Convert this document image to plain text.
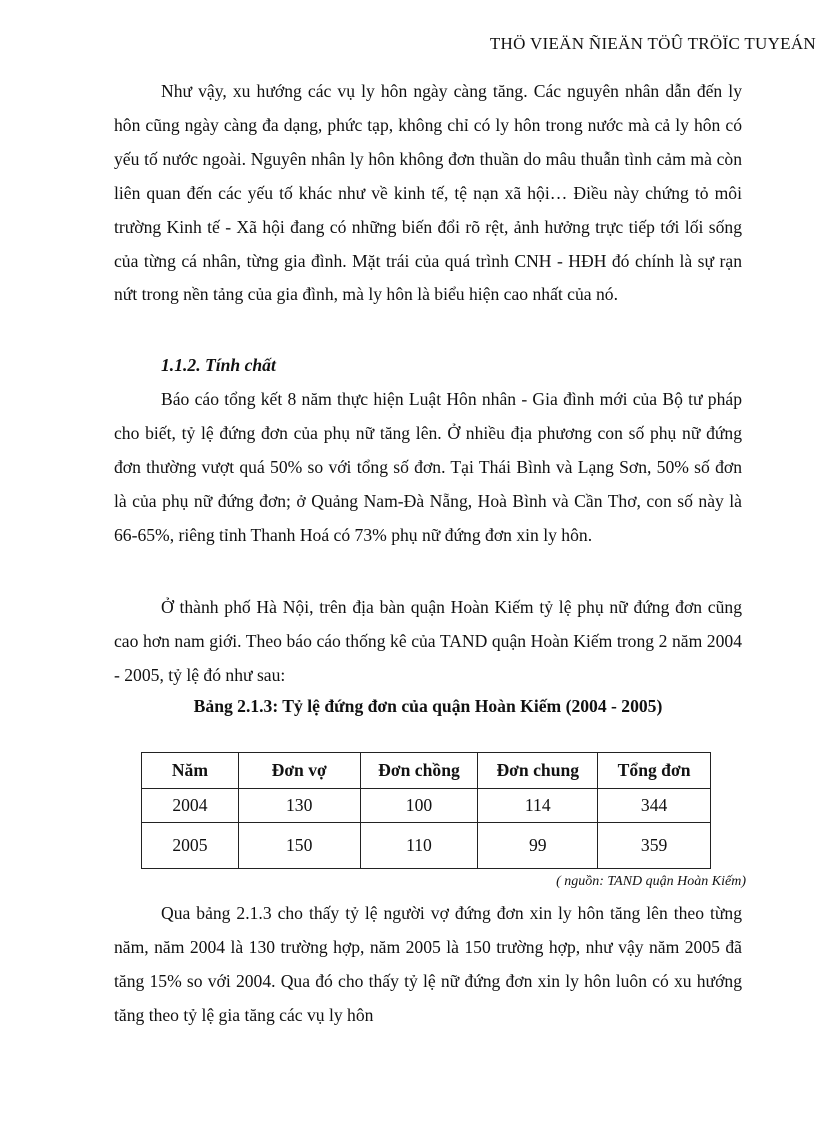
THÖ VIEÄN ÑIEÄN TÖÛ TRÖÏC TUYEÁN

Như vậy, xu hướng các vụ ly hôn ngày càng tăng. Các nguyên nhân dẫn đến ly hôn cũng ngày càng đa dạng, phức tạp, không chỉ có ly hôn trong nước mà cả ly hôn có yếu tố nước ngoài. Nguyên nhân ly hôn không đơn thuần do mâu thuẫn tình cảm mà còn liên quan đến các yếu tố khác như về kinh tế, tệ nạn xã hội… Điều này chứng tỏ môi trường Kinh tế - Xã hội đang có những biến đổi rõ rệt, ảnh hưởng trực tiếp tới lối sống của từng cá nhân, từng gia đình. Mặt trái của quá trình CNH - HĐH đó chính là sự rạn nứt trong nền tảng của gia đình, mà ly hôn là biểu hiện cao nhất của nó.

1.1.2. Tính chất

Báo cáo tổng kết 8 năm thực hiện Luật Hôn nhân - Gia đình mới của Bộ tư pháp cho biết, tỷ lệ đứng đơn của phụ nữ tăng lên. Ở nhiều địa phương con số phụ nữ đứng đơn thường vượt quá 50% so với tổng số đơn. Tại Thái Bình và Lạng Sơn, 50% số đơn là của phụ nữ đứng đơn; ở Quảng Nam-Đà Nẵng, Hoà Bình và Cần Thơ, con số này là 66-65%, riêng tỉnh Thanh Hoá có 73% phụ nữ đứng đơn xin ly hôn.

Ở thành phố Hà Nội, trên địa bàn quận Hoàn Kiếm tỷ lệ phụ nữ đứng đơn cũng cao hơn nam giới. Theo báo cáo thống kê của TAND quận Hoàn Kiếm trong 2 năm 2004 - 2005, tỷ lệ đó như sau:

Bảng 2.1.3: Tỷ lệ đứng đơn của quận Hoàn Kiếm (2004 - 2005)
Năm	Đơn vợ	Đơn chồng	Đơn chung	Tổng đơn
2004	130	100	114	344
2005	150	110	99	359
( nguồn: TAND quận Hoàn Kiếm)

Qua bảng 2.1.3 cho thấy tỷ lệ người vợ đứng đơn xin ly hôn tăng lên theo từng năm, năm 2004 là 130 trường hợp, năm 2005 là 150 trường hợp, như vậy năm 2005 đã tăng 15% so với 2004. Qua đó cho thấy tỷ lệ nữ đứng đơn xin ly hôn luôn có xu hướng tăng theo tỷ lệ gia tăng các vụ ly hôn
